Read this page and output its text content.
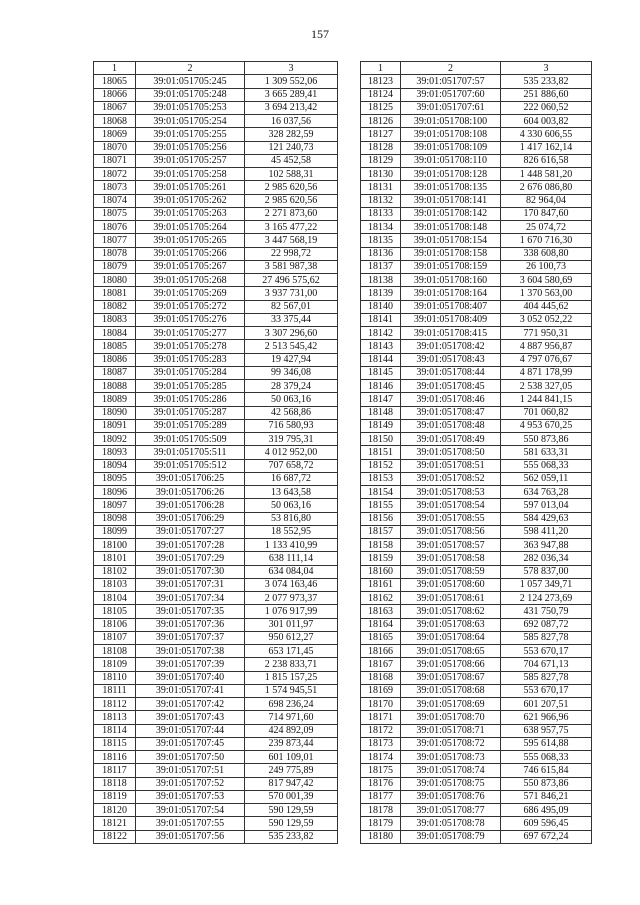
157
1	2	3
18065	39:01:051705:245	1 309 552,06
18066	39:01:051705:248	3 665 289,41
18067	39:01:051705:253	3 694 213,42
18068	39:01:051705:254	16 037,56
18069	39:01:051705:255	328 282,59
18070	39:01:051705:256	121 240,73
18071	39:01:051705:257	45 452,58
18072	39:01:051705:258	102 588,31
18073	39:01:051705:261	2 985 620,56
18074	39:01:051705:262	2 985 620,56
18075	39:01:051705:263	2 271 873,60
18076	39:01:051705:264	3 165 477,22
18077	39:01:051705:265	3 447 568,19
18078	39:01:051705:266	22 998,72
18079	39:01:051705:267	3 581 987,38
18080	39:01:051705:268	27 496 575,62
18081	39:01:051705:269	3 937 731,00
18082	39:01:051705:272	82 567,01
18083	39:01:051705:276	33 375,44
18084	39:01:051705:277	3 307 296,60
18085	39:01:051705:278	2 513 545,42
18086	39:01:051705:283	19 427,94
18087	39:01:051705:284	99 346,08
18088	39:01:051705:285	28 379,24
18089	39:01:051705:286	50 063,16
18090	39:01:051705:287	42 568,86
18091	39:01:051705:289	716 580,93
18092	39:01:051705:509	319 795,31
18093	39:01:051705:511	4 012 952,00
18094	39:01:051705:512	707 658,72
18095	39:01:051706:25	16 687,72
18096	39:01:051706:26	13 643,58
18097	39:01:051706:28	50 063,16
18098	39:01:051706:29	53 816,80
18099	39:01:051707:27	18 552,95
18100	39:01:051707:28	1 133 410,99
18101	39:01:051707:29	638 111,14
18102	39:01:051707:30	634 084,04
18103	39:01:051707:31	3 074 163,46
18104	39:01:051707:34	2 077 973,37
18105	39:01:051707:35	1 076 917,99
18106	39:01:051707:36	301 011,97
18107	39:01:051707:37	950 612,27
18108	39:01:051707:38	653 171,45
18109	39:01:051707:39	2 238 833,71
18110	39:01:051707:40	1 815 157,25
18111	39:01:051707:41	1 574 945,51
18112	39:01:051707:42	698 236,24
18113	39:01:051707:43	714 971,60
18114	39:01:051707:44	424 892,09
18115	39:01:051707:45	239 873,44
18116	39:01:051707:50	601 109,01
18117	39:01:051707:51	249 775,89
18118	39:01:051707:52	817 947,42
18119	39:01:051707:53	570 001,39
18120	39:01:051707:54	590 129,59
18121	39:01:051707:55	590 129,59
18122	39:01:051707:56	535 233,82
1	2	3
18123	39:01:051707:57	535 233,82
18124	39:01:051707:60	251 886,60
18125	39:01:051707:61	222 060,52
18126	39:01:051708:100	604 003,82
18127	39:01:051708:108	4 330 606,55
18128	39:01:051708:109	1 417 162,14
18129	39:01:051708:110	826 616,58
18130	39:01:051708:128	1 448 581,20
18131	39:01:051708:135	2 676 086,80
18132	39:01:051708:141	82 964,04
18133	39:01:051708:142	170 847,60
18134	39:01:051708:148	25 074,72
18135	39:01:051708:154	1 670 716,30
18136	39:01:051708:158	338 608,80
18137	39:01:051708:159	26 100,73
18138	39:01:051708:160	3 604 580,69
18139	39:01:051708:164	1 370 563,00
18140	39:01:051708:407	404 445,62
18141	39:01:051708:409	3 052 052,22
18142	39:01:051708:415	771 950,31
18143	39:01:051708:42	4 887 956,87
18144	39:01:051708:43	4 797 076,67
18145	39:01:051708:44	4 871 178,99
18146	39:01:051708:45	2 538 327,05
18147	39:01:051708:46	1 244 841,15
18148	39:01:051708:47	701 060,82
18149	39:01:051708:48	4 953 670,25
18150	39:01:051708:49	550 873,86
18151	39:01:051708:50	581 633,31
18152	39:01:051708:51	555 068,33
18153	39:01:051708:52	562 059,11
18154	39:01:051708:53	634 763,28
18155	39:01:051708:54	597 013,04
18156	39:01:051708:55	584 429,63
18157	39:01:051708:56	598 411,20
18158	39:01:051708:57	363 947,88
18159	39:01:051708:58	282 036,34
18160	39:01:051708:59	578 837,00
18161	39:01:051708:60	1 057 349,71
18162	39:01:051708:61	2 124 273,69
18163	39:01:051708:62	431 750,79
18164	39:01:051708:63	692 087,72
18165	39:01:051708:64	585 827,78
18166	39:01:051708:65	553 670,17
18167	39:01:051708:66	704 671,13
18168	39:01:051708:67	585 827,78
18169	39:01:051708:68	553 670,17
18170	39:01:051708:69	601 207,51
18171	39:01:051708:70	621 966,96
18172	39:01:051708:71	638 957,75
18173	39:01:051708:72	595 614,88
18174	39:01:051708:73	555 068,33
18175	39:01:051708:74	746 615,84
18176	39:01:051708:75	550 873,86
18177	39:01:051708:76	571 846,21
18178	39:01:051708:77	686 495,09
18179	39:01:051708:78	609 596,45
18180	39:01:051708:79	697 672,24
